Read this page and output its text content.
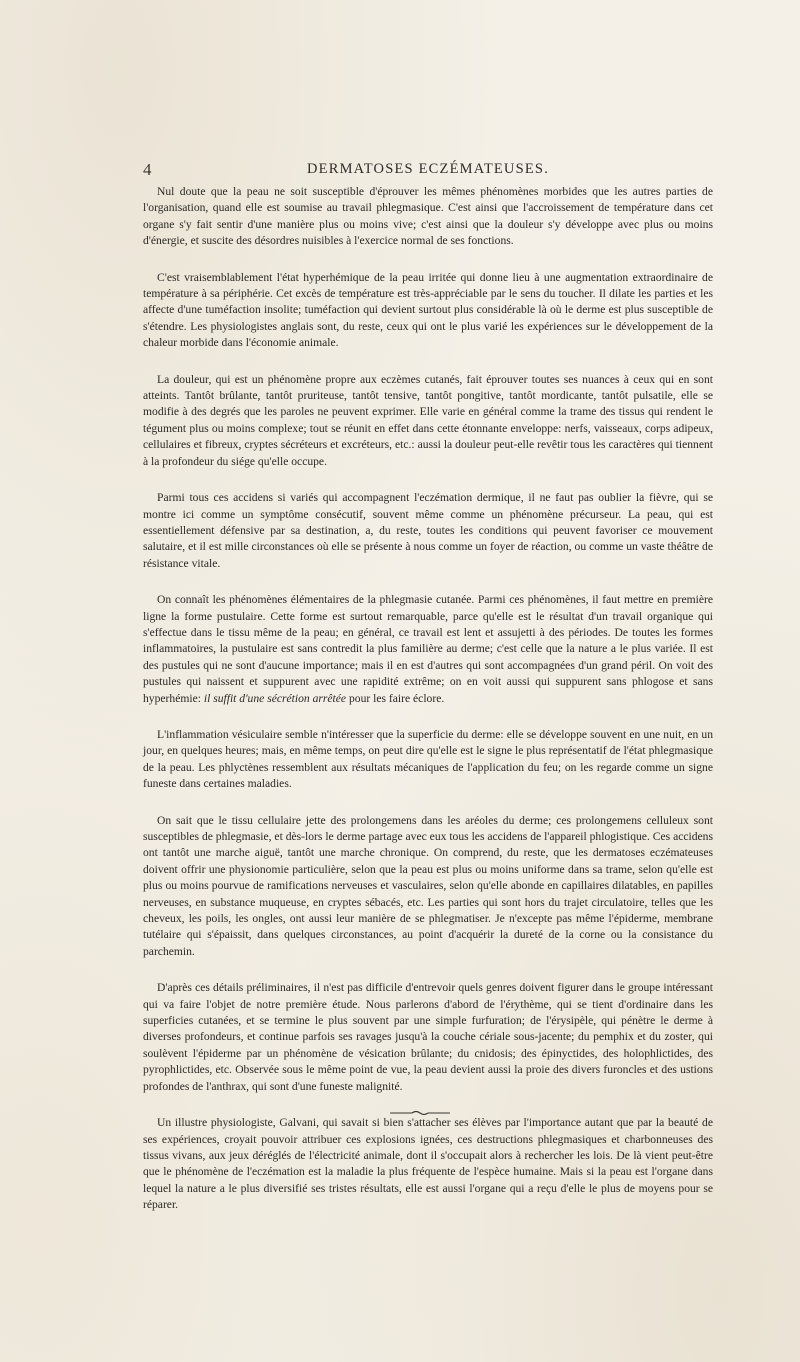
4	DERMATOSES ECZÉMATEUSES.

Nul doute que la peau ne soit susceptible d'éprouver les mêmes phénomènes morbides que les autres parties de l'organisation, quand elle est soumise au travail phlegmasique. C'est ainsi que l'accroissement de température dans cet organe s'y fait sentir d'une manière plus ou moins vive; c'est ainsi que la douleur s'y développe avec plus ou moins d'énergie, et suscite des désordres nuisibles à l'exercice normal de ses fonctions.

C'est vraisemblablement l'état hyperhémique de la peau irritée qui donne lieu à une augmentation extraordinaire de température à sa périphérie. Cet excès de température est très-appréciable par le sens du toucher. Il dilate les parties et les affecte d'une tuméfaction insolite; tuméfaction qui devient surtout plus considérable là où le derme est plus susceptible de s'étendre. Les physiologistes anglais sont, du reste, ceux qui ont le plus varié les expériences sur le développement de la chaleur morbide dans l'économie animale.

La douleur, qui est un phénomène propre aux eczèmes cutanés, fait éprouver toutes ses nuances à ceux qui en sont atteints. Tantôt brûlante, tantôt pruriteuse, tantôt tensive, tantôt pongitive, tantôt mordicante, tantôt pulsatile, elle se modifie à des degrés que les paroles ne peuvent exprimer. Elle varie en général comme la trame des tissus qui rendent le tégument plus ou moins complexe; tout se réunit en effet dans cette étonnante enveloppe: nerfs, vaisseaux, corps adipeux, cellulaires et fibreux, cryptes sécréteurs et excréteurs, etc.: aussi la douleur peut-elle revêtir tous les caractères qui tiennent à la profondeur du siége qu'elle occupe.

Parmi tous ces accidens si variés qui accompagnent l'eczémation dermique, il ne faut pas oublier la fièvre, qui se montre ici comme un symptôme consécutif, souvent même comme un phénomène précurseur. La peau, qui est essentiellement défensive par sa destination, a, du reste, toutes les conditions qui peuvent favoriser ce mouvement salutaire, et il est mille circonstances où elle se présente à nous comme un foyer de réaction, ou comme un vaste théâtre de résistance vitale.

On connaît les phénomènes élémentaires de la phlegmasie cutanée. Parmi ces phénomènes, il faut mettre en première ligne la forme pustulaire. Cette forme est surtout remarquable, parce qu'elle est le résultat d'un travail organique qui s'effectue dans le tissu même de la peau; en général, ce travail est lent et assujetti à des périodes. De toutes les formes inflammatoires, la pustulaire est sans contredit la plus familière au derme; c'est celle que la nature a le plus variée. Il est des pustules qui ne sont d'aucune importance; mais il en est d'autres qui sont accompagnées d'un grand péril. On voit des pustules qui naissent et suppurent avec une rapidité extrême; on en voit aussi qui suppurent sans phlogose et sans hyperhémie: il suffit d'une sécrétion arrêtée pour les faire éclore.

L'inflammation vésiculaire semble n'intéresser que la superficie du derme: elle se développe souvent en une nuit, en un jour, en quelques heures; mais, en même temps, on peut dire qu'elle est le signe le plus représentatif de l'état phlegmasique de la peau. Les phlyctènes ressemblent aux résultats mécaniques de l'application du feu; on les regarde comme un signe funeste dans certaines maladies.

On sait que le tissu cellulaire jette des prolongemens dans les aréoles du derme; ces prolongemens celluleux sont susceptibles de phlegmasie, et dès-lors le derme partage avec eux tous les accidens de l'appareil phlogistique. Ces accidens ont tantôt une marche aiguë, tantôt une marche chronique. On comprend, du reste, que les dermatoses eczémateuses doivent offrir une physionomie particulière, selon que la peau est plus ou moins uniforme dans sa trame, selon qu'elle est plus ou moins pourvue de ramifications nerveuses et vasculaires, selon qu'elle abonde en capillaires dilatables, en papilles nerveuses, en substance muqueuse, en cryptes sébacés, etc. Les parties qui sont hors du trajet circulatoire, telles que les cheveux, les poils, les ongles, ont aussi leur manière de se phlegmatiser. Je n'excepte pas même l'épiderme, membrane tutélaire qui s'épaissit, dans quelques circonstances, au point d'acquérir la dureté de la corne ou la consistance du parchemin.

D'après ces détails préliminaires, il n'est pas difficile d'entrevoir quels genres doivent figurer dans le groupe intéressant qui va faire l'objet de notre première étude. Nous parlerons d'abord de l'érythème, qui se tient d'ordinaire dans les superficies cutanées, et se termine le plus souvent par une simple furfuration; de l'érysipèle, qui pénètre le derme à diverses profondeurs, et continue parfois ses ravages jusqu'à la couche cériale sous-jacente; du pemphix et du zoster, qui soulèvent l'épiderme par un phénomène de vésication brûlante; du cnidosis; des épinyctides, des holophlictides, des pyrophlictides, etc. Observée sous le même point de vue, la peau devient aussi la proie des divers furoncles et des ustions profondes de l'anthrax, qui sont d'une funeste malignité.

Un illustre physiologiste, Galvani, qui savait si bien s'attacher ses élèves par l'importance autant que par la beauté de ses expériences, croyait pouvoir attribuer ces explosions ignées, ces destructions phlegmasiques et charbonneuses des tissus vivans, aux jeux déréglés de l'électricité animale, dont il s'occupait alors à rechercher les lois. De là vient peut-être que le phénomène de l'eczémation est la maladie la plus fréquente de l'espèce humaine. Mais si la peau est l'organe dans lequel la nature a le plus diversifié ses tristes résultats, elle est aussi l'organe qui a reçu d'elle le plus de moyens pour se réparer.
